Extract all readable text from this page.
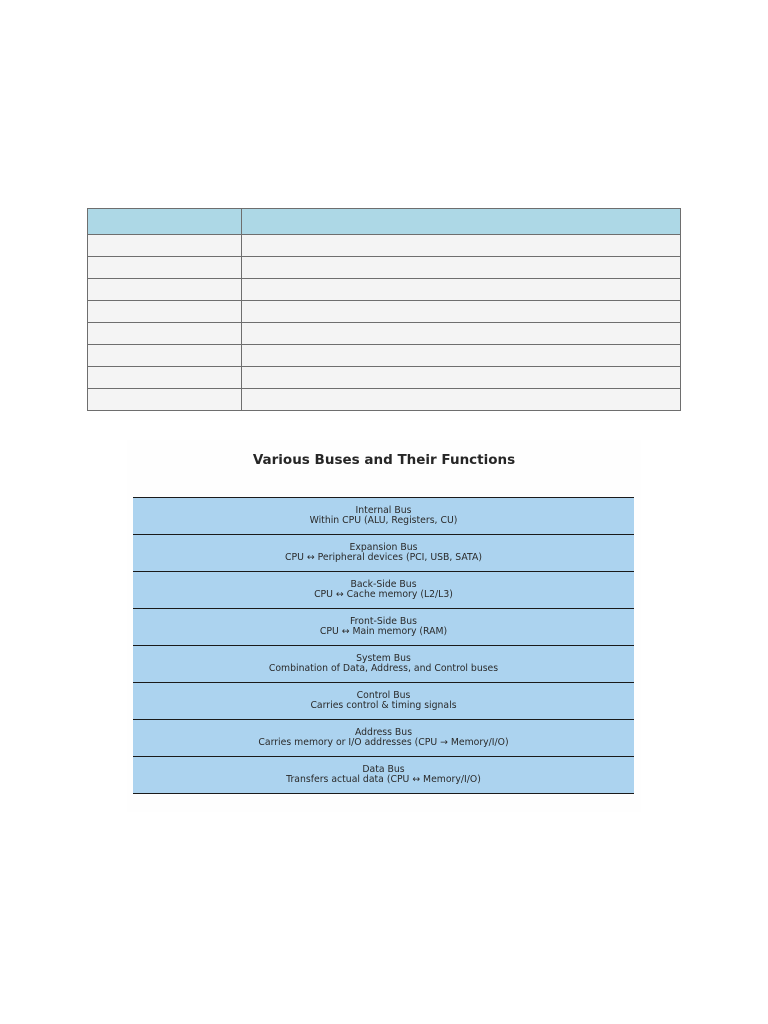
Various Buses and Their Functions
Internal Bus
Within CPU (ALU, Registers, CU)
Expansion Bus
CPU ↔ Peripheral devices (PCI, USB, SATA)
Back-Side Bus
CPU ↔ Cache memory (L2/L3)
Front-Side Bus
CPU ↔ Main memory (RAM)
System Bus
Combination of Data, Address, and Control buses
Control Bus
Carries control & timing signals
Address Bus
Carries memory or I/O addresses (CPU → Memory/I/O)
Data Bus
Transfers actual data (CPU ↔ Memory/I/O)
